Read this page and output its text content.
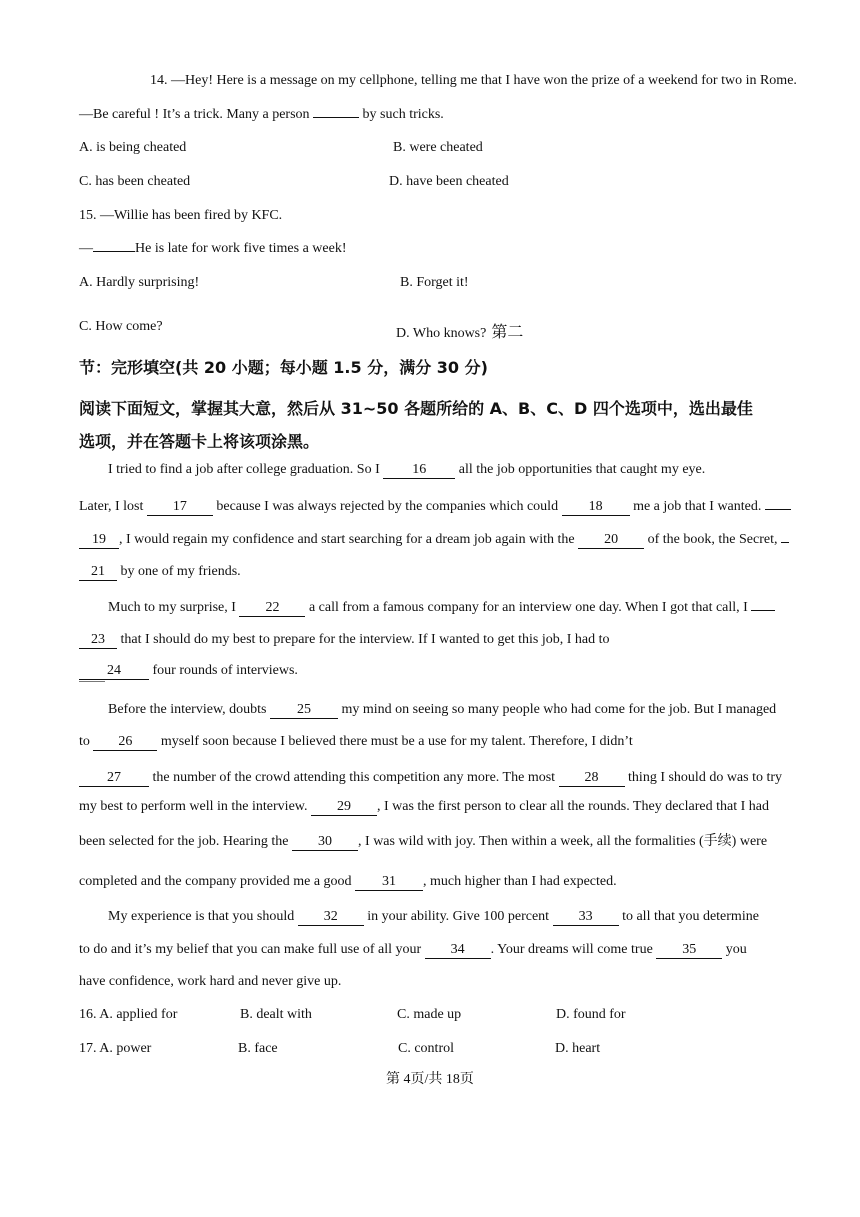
14. —Hey! Here is a message on my cellphone, telling me that I have won the prize of a weekend for two in Rome.
—Be careful ! It’s a trick. Many a person	by such tricks.
A. is being cheated	B. were cheated
C. has been cheated	D. have been cheated
15. —Willie has been fired by KFC.
—	He is late for work five times a week!
A. Hardly surprising!	B. Forget it!
C. How come?	D. Who knows? 第二
节：完形填空(共 20 小题；每小题 1.5 分，满分 30 分)
阅读下面短文，掌握其大意，然后从 31~50 各题所给的 A、B、C、D 四个选项中，选出最佳
选项，并在答题卡上将该项涂黑。
I tried to find a job after college graduation. So I 16 all the job opportunities that caught my eye.
Later, I lost 17 because I was always rejected by the companies which could 18 me a job that I wanted.
19 , I would regain my confidence and start searching for a dream job again with the 20 of the book, the Secret,
21 by one of my friends.
Much to my surprise, I 22 a call from a famous company for an interview one day. When I got that call, I
23 that I should do my best to prepare for the interview. If I wanted to get this job, I had to
24 four rounds of interviews.
Before the interview, doubts 25 my mind on seeing so many people who had come for the job. But I managed
to 26 myself soon because I believed there must be a use for my talent. Therefore, I didn’t
27 the number of the crowd attending this competition any more. The most 28 thing I should do was to try
my best to perform well in the interview. 29 , I was the first person to clear all the rounds. They declared that I had
been selected for the job. Hearing the 30 , I was wild with joy. Then within a week, all the formalities (手续) were
completed and the company provided me a good 31 , much higher than I had expected.
My experience is that you should 32 in your ability. Give 100 percent 33 to all that you determine
to do and it’s my belief that you can make full use of all your 34 . Your dreams will come true 35 you
have confidence, work hard and never give up.
16. A. applied for	B. dealt with	C. made up	D. found for
17. A. power	B. face	C. control	D. heart
第 4页/共 18页
